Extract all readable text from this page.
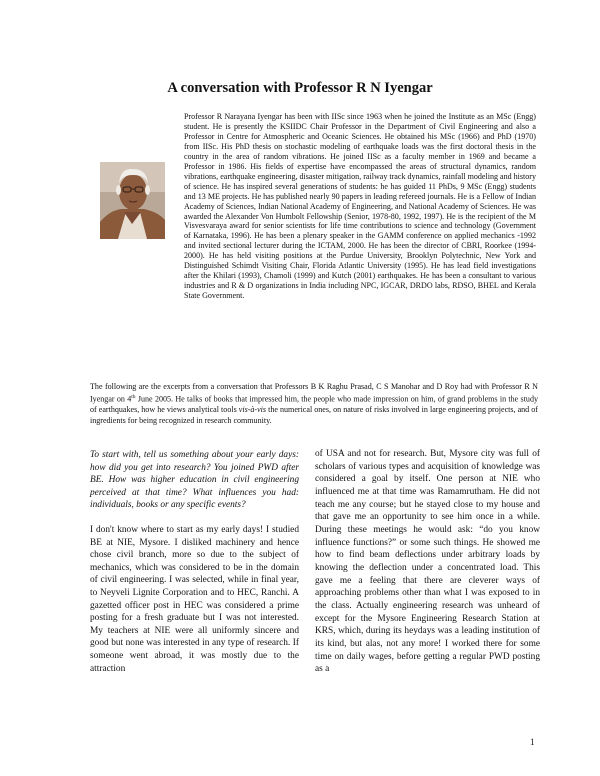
A conversation with Professor R N Iyengar
Professor R Narayana Iyengar has been with IISc since 1963 when he joined the Institute as an MSc (Engg) student. He is presently the KSIIDC Chair Professor in the Department of Civil Engineering and also a Professor in Centre for Atmospheric and Oceanic Sciences. He obtained his MSc (1966) and PhD (1970) from IISc. His PhD thesis on stochastic modeling of earthquake loads was the first doctoral thesis in the country in the area of random vibrations. He joined IISc as a faculty member in 1969 and became a Professor in 1986. His fields of expertise have encompassed the areas of structural dynamics, random vibrations, earthquake engineering, disaster mitigation, railway track dynamics, rainfall modeling and history of science. He has inspired several generations of students: he has guided 11 PhDs, 9 MSc (Engg) students and 13 ME projects. He has published nearly 90 papers in leading refereed journals. He is a Fellow of Indian Academy of Sciences, Indian National Academy of Engineering, and National Academy of Sciences. He was awarded the Alexander Von Humbolt Fellowship (Senior, 1978-80, 1992, 1997). He is the recipient of the M Visvesvaraya award for senior scientists for life time contributions to science and technology (Government of Karnataka, 1996). He has been a plenary speaker in the GAMM conference on applied mechanics -1992 and invited sectional lecturer during the ICTAM, 2000. He has been the director of CBRI, Roorkee (1994-2000). He has held visiting positions at the Purdue University, Brooklyn Polytechnic, New York and Distinguished Schimdt Visiting Chair, Florida Atlantic University (1995). He has lead field investigations after the Khilari (1993), Chamoli (1999) and Kutch (2001) earthquakes. He has been a consultant to various industries and R & D organizations in India including NPC, IGCAR, DRDO labs, RDSO, BHEL and Kerala State Government.
The following are the excerpts from a conversation that Professors B K Raghu Prasad, C S Manohar and D Roy had with Professor R N Iyengar on 4th June 2005. He talks of books that impressed him, the people who made impression on him, of grand problems in the study of earthquakes, how he views analytical tools vis-à-vis the numerical ones, on nature of risks involved in large engineering projects, and of ingredients for being recognized in research community.

To start with, tell us something about your early days: how did you get into research? You joined PWD after BE. How was higher education in civil engineering perceived at that time? What influences you had: individuals, books or any specific events?

I don't know where to start as my early days! I studied BE at NIE, Mysore. I disliked machinery and hence chose civil branch, more so due to the subject of mechanics, which was considered to be in the domain of civil engineering. I was selected, while in final year, to Neyveli Lignite Corporation and to HEC, Ranchi. A gazetted officer post in HEC was considered a prime posting for a fresh graduate but I was not interested. My teachers at NIE were all uniformly sincere and good but none was interested in any type of research. If someone went abroad, it was mostly due to the attraction

of USA and not for research. But, Mysore city was full of scholars of various types and acquisition of knowledge was considered a goal by itself. One person at NIE who influenced me at that time was Ramamrutham. He did not teach me any course; but he stayed close to my house and that gave me an opportunity to see him once in a while. During these meetings he would ask: “do you know influence functions?” or some such things. He showed me how to find beam deflections under arbitrary loads by knowing the deflection under a concentrated load. This gave me a feeling that there are cleverer ways of approaching problems other than what I was exposed to in the class. Actually engineering research was unheard of except for the Mysore Engineering Research Station at KRS, which, during its heydays was a leading institution of its kind, but alas, not any more! I worked there for some time on daily wages, before getting a regular PWD posting as a

1
